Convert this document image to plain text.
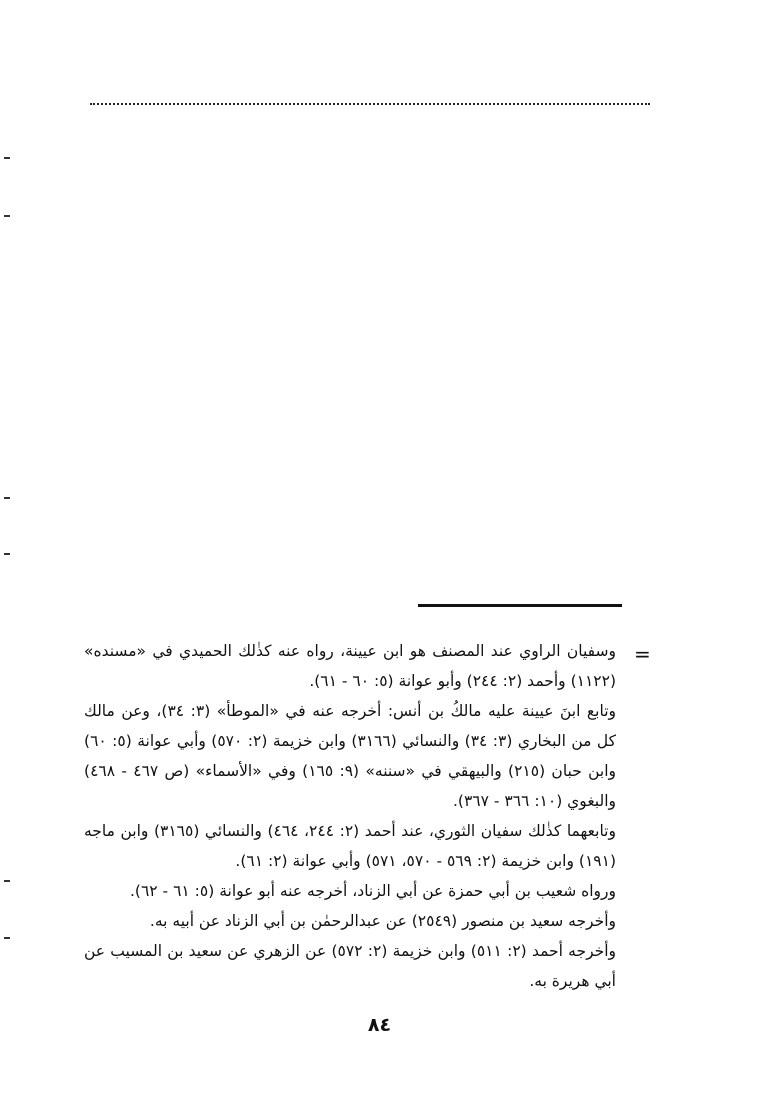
=

وسفيان الراوي عند المصنف هو ابن عيينة، رواه عنه كذٰلك الحميدي في «مسنده» (١١٢٢) وأحمد (٢: ٢٤٤) وأبو عوانة (٥: ٦٠ - ٦١).

وتابع ابنَ عيينة عليه مالكُ بن أنس: أخرجه عنه في «الموطأ» (٣: ٣٤)، وعن مالك كل من البخاري (٣: ٣٤) والنسائي (٣١٦٦) وابن خزيمة (٢: ٥٧٠) وأبي عوانة (٥: ٦٠) وابن حبان (٢١٥) والبيهقي في «سننه» (٩: ١٦٥) وفي «الأسماء» (ص ٤٦٧ - ٤٦٨) والبغوي (١٠: ٣٦٦ - ٣٦٧).

وتابعهما كذٰلك سفيان الثوري، عند أحمد (٢: ٢٤٤، ٤٦٤) والنسائي (٣١٦٥) وابن ماجه (١٩١) وابن خزيمة (٢: ٥٦٩ - ٥٧٠، ٥٧١) وأبي عوانة (٢: ٦١).

ورواه شعيب بن أبي حمزة عن أبي الزناد، أخرجه عنه أبو عوانة (٥: ٦١ - ٦٢).

وأخرجه سعيد بن منصور (٢٥٤٩) عن عبدالرحمٰن بن أبي الزناد عن أبيه به.

وأخرجه أحمد (٢: ٥١١) وابن خزيمة (٢: ٥٧٢) عن الزهري عن سعيد بن المسيب عن أبي هريرة به.

٨٤
